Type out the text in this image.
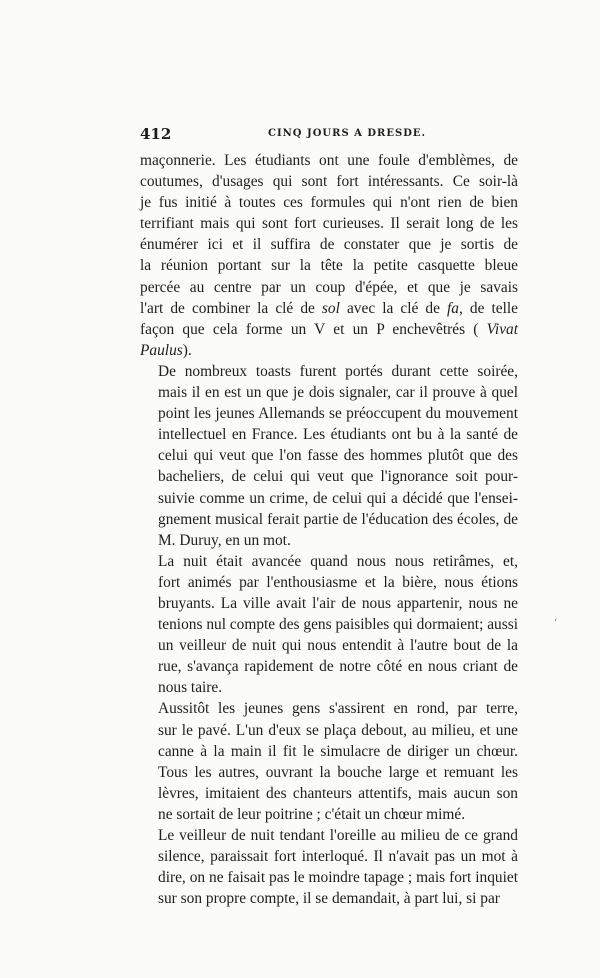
412	CINQ JOURS A DRESDE.

maçonnerie. Les étudiants ont une foule d'emblèmes, de
coutumes, d'usages qui sont fort intéressants. Ce soir-là
je fus initié à toutes ces formules qui n'ont rien de bien
terrifiant mais qui sont fort curieuses. Il serait long de les
énumérer ici et il suffira de constater que je sortis de
la réunion portant sur la tête la petite casquette bleue
percée au centre par un coup d'épée, et que je savais
l'art de combiner la clé de sol avec la clé de fa, de telle
façon que cela forme un V et un P enchevêtrés ( Vivat
Paulus).

De nombreux toasts furent portés durant cette soirée,
mais il en est un que je dois signaler, car il prouve à quel
point les jeunes Allemands se préoccupent du mouvement
intellectuel en France. Les étudiants ont bu à la santé de
celui qui veut que l'on fasse des hommes plutôt que des
bacheliers, de celui qui veut que l'ignorance soit pour-
suivie comme un crime, de celui qui a décidé que l'ensei-
gnement musical ferait partie de l'éducation des écoles, de
M. Duruy, en un mot.

La nuit était avancée quand nous nous retirâmes, et,
fort animés par l'enthousiasme et la bière, nous étions
bruyants. La ville avait l'air de nous appartenir, nous ne
tenions nul compte des gens paisibles qui dormaient; aussi
un veilleur de nuit qui nous entendit à l'autre bout de la
rue, s'avança rapidement de notre côté en nous criant de
nous taire.

Aussitôt les jeunes gens s'assirent en rond, par terre,
sur le pavé. L'un d'eux se plaça debout, au milieu, et une
canne à la main il fit le simulacre de diriger un chœur.
Tous les autres, ouvrant la bouche large et remuant les
lèvres, imitaient des chanteurs attentifs, mais aucun son
ne sortait de leur poitrine ; c'était un chœur mimé.

Le veilleur de nuit tendant l'oreille au milieu de ce grand
silence, paraissait fort interloqué. Il n'avait pas un mot à
dire, on ne faisait pas le moindre tapage ; mais fort inquiet
sur son propre compte, il se demandait, à part lui, si par

‘
